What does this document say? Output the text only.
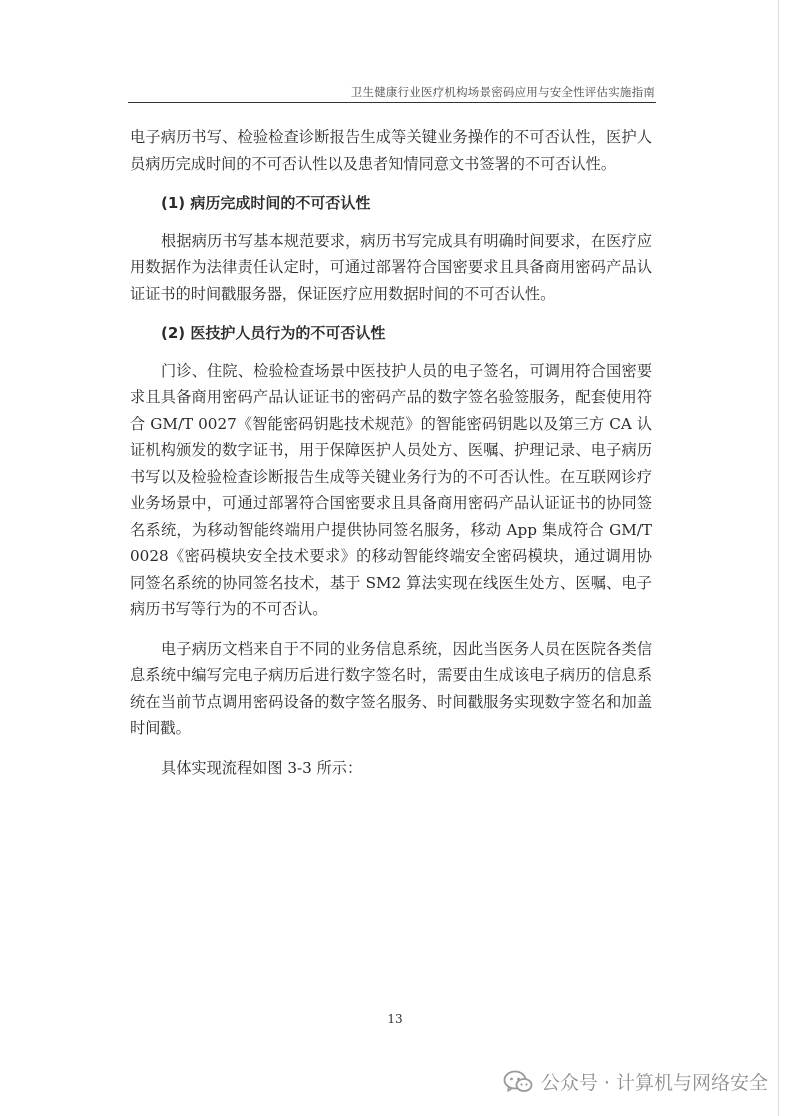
卫生健康行业医疗机构场景密码应用与安全性评估实施指南

电子病历书写、检验检查诊断报告生成等关键业务操作的不可否认性，医护人员病历完成时间的不可否认性以及患者知情同意文书签署的不可否认性。

(1) 病历完成时间的不可否认性

根据病历书写基本规范要求，病历书写完成具有明确时间要求，在医疗应用数据作为法律责任认定时，可通过部署符合国密要求且具备商用密码产品认证证书的时间戳服务器，保证医疗应用数据时间的不可否认性。

(2) 医技护人员行为的不可否认性

门诊、住院、检验检查场景中医技护人员的电子签名，可调用符合国密要求且具备商用密码产品认证证书的密码产品的数字签名验签服务，配套使用符合 GM/T 0027《智能密码钥匙技术规范》的智能密码钥匙以及第三方 CA 认证机构颁发的数字证书，用于保障医护人员处方、医嘱、护理记录、电子病历书写以及检验检查诊断报告生成等关键业务行为的不可否认性。在互联网诊疗业务场景中，可通过部署符合国密要求且具备商用密码产品认证证书的协同签名系统，为移动智能终端用户提供协同签名服务，移动 App 集成符合 GM/T 0028《密码模块安全技术要求》的移动智能终端安全密码模块，通过调用协同签名系统的协同签名技术，基于 SM2 算法实现在线医生处方、医嘱、电子病历书写等行为的不可否认。

电子病历文档来自于不同的业务信息系统，因此当医务人员在医院各类信息系统中编写完电子病历后进行数字签名时，需要由生成该电子病历的信息系统在当前节点调用密码设备的数字签名服务、时间戳服务实现数字签名和加盖时间戳。

具体实现流程如图 3-3 所示：

13
公众号 · 计算机与网络安全
